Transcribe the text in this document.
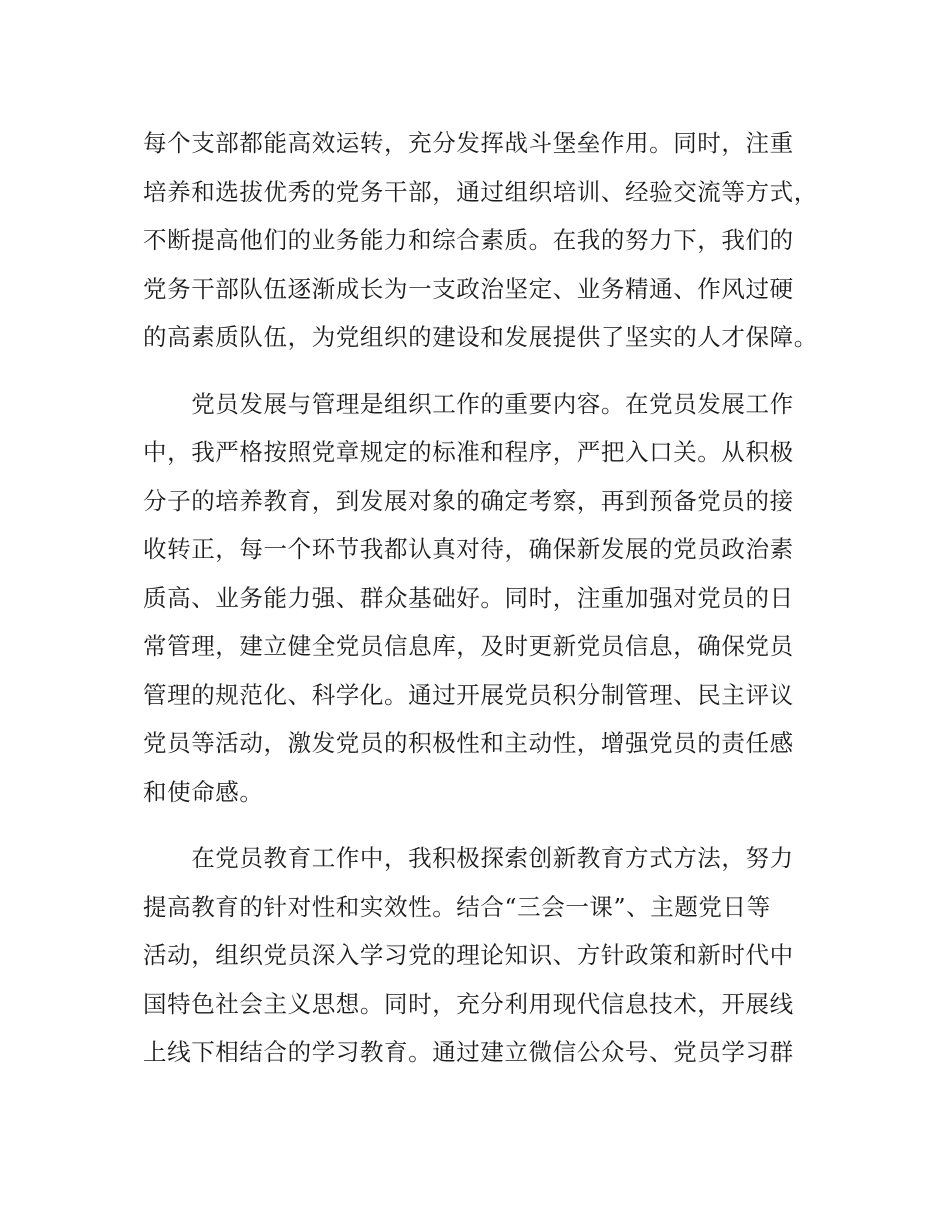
每个支部都能高效运转，充分发挥战斗堡垒作用。同时，注重
培养和选拔优秀的党务干部，通过组织培训、经验交流等方式，
不断提高他们的业务能力和综合素质。在我的努力下，我们的
党务干部队伍逐渐成长为一支政治坚定、业务精通、作风过硬
的高素质队伍，为党组织的建设和发展提供了坚实的人才保障。
　　党员发展与管理是组织工作的重要内容。在党员发展工作
中，我严格按照党章规定的标准和程序，严把入口关。从积极
分子的培养教育，到发展对象的确定考察，再到预备党员的接
收转正，每一个环节我都认真对待，确保新发展的党员政治素
质高、业务能力强、群众基础好。同时，注重加强对党员的日
常管理，建立健全党员信息库，及时更新党员信息，确保党员
管理的规范化、科学化。通过开展党员积分制管理、民主评议
党员等活动，激发党员的积极性和主动性，增强党员的责任感
和使命感。
　　在党员教育工作中，我积极探索创新教育方式方法，努力
提高教育的针对性和实效性。结合“三会一课”、主题党日等
活动，组织党员深入学习党的理论知识、方针政策和新时代中
国特色社会主义思想。同时，充分利用现代信息技术，开展线
上线下相结合的学习教育。通过建立微信公众号、党员学习群
